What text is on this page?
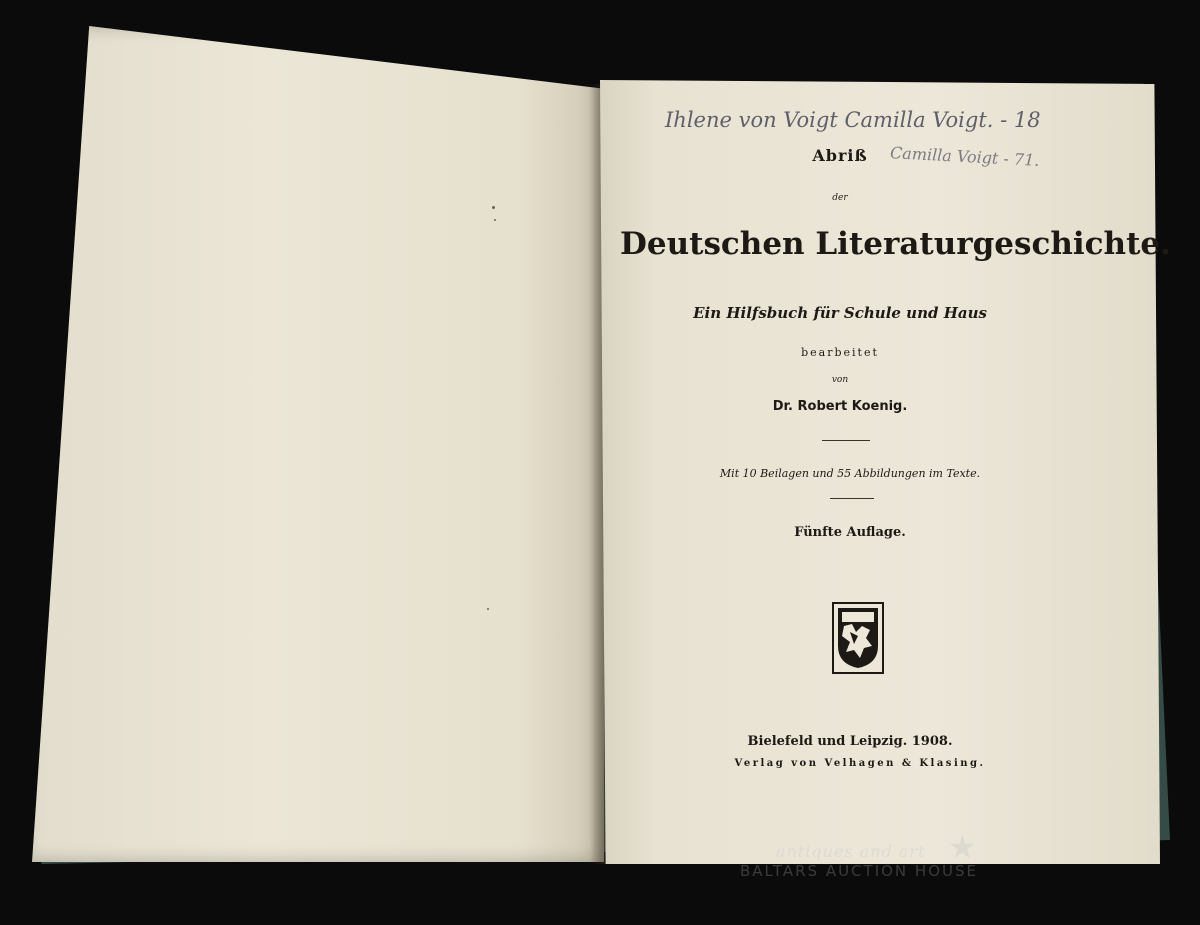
Ihlene von Voigt Camilla Voigt. - 18
Camilla Voigt - 71.
Abriß
der
Deutschen Literaturgeschichte.
Ein Hilfsbuch für Schule und Haus
bearbeitet
von
Dr. Robert Koenig.
Mit 10 Beilagen und 55 Abbildungen im Texte.
Fünfte Auflage.
Bielefeld und Leipzig. 1908.
Verlag von Velhagen & Klasing.
antiques and art ★
BALTARS AUCTION HOUSE
